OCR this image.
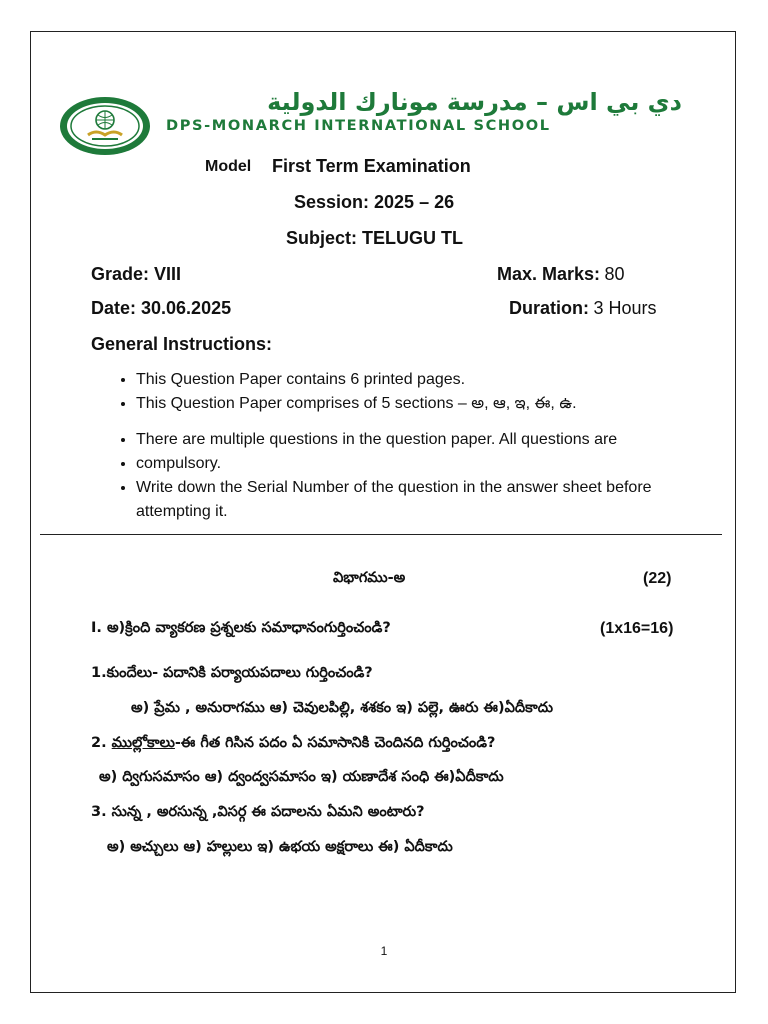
دي بي اس – مدرسة مونارك الدولية
DPS-MONARCH INTERNATIONAL SCHOOL
Model First Term Examination
Session: 2025 – 26
Subject: TELUGU TL
Grade: VIII	Max. Marks: 80
Date: 30.06.2025	Duration: 3 Hours
General Instructions:
• This Question Paper contains 6 printed pages.
• This Question Paper comprises of 5 sections – అ, ఆ, ఇ, ఈ, ఉ.
• There are multiple questions in the question paper. All questions are
• compulsory.
• Write down the Serial Number of the question in the answer sheet before attempting it.
విభాగము-అ	(22)
I. అ)క్రింది వ్యాకరణ ప్రశ్నలకు సమాధానంగుర్తించండి?	(1x16=16)
1.కుందేలు- పదానికి పర్యాయపదాలు గుర్తించండి?
అ) ప్రేమ , అనురాగము ఆ) చెవులపిల్లి, శశకం ఇ) పల్లె, ఊరు ఈ)ఏదీకాదు
2. ముల్లోకాలు-ఈ గీత గిసిన పదం ఏ సమాసానికి చెందినది గుర్తించండి?
అ) ద్విగుసమాసం ఆ) ద్వంద్వసమాసం ఇ) యణాదేశ సంధి ఈ)ఏదీకాదు
3. సున్న , అరసున్న ,విసర్గ ఈ పదాలను ఏమని అంటారు?
అ) అచ్చులు ఆ) హల్లులు ఇ) ఉభయ అక్షరాలు ఈ) ఏదీకాదు
1
